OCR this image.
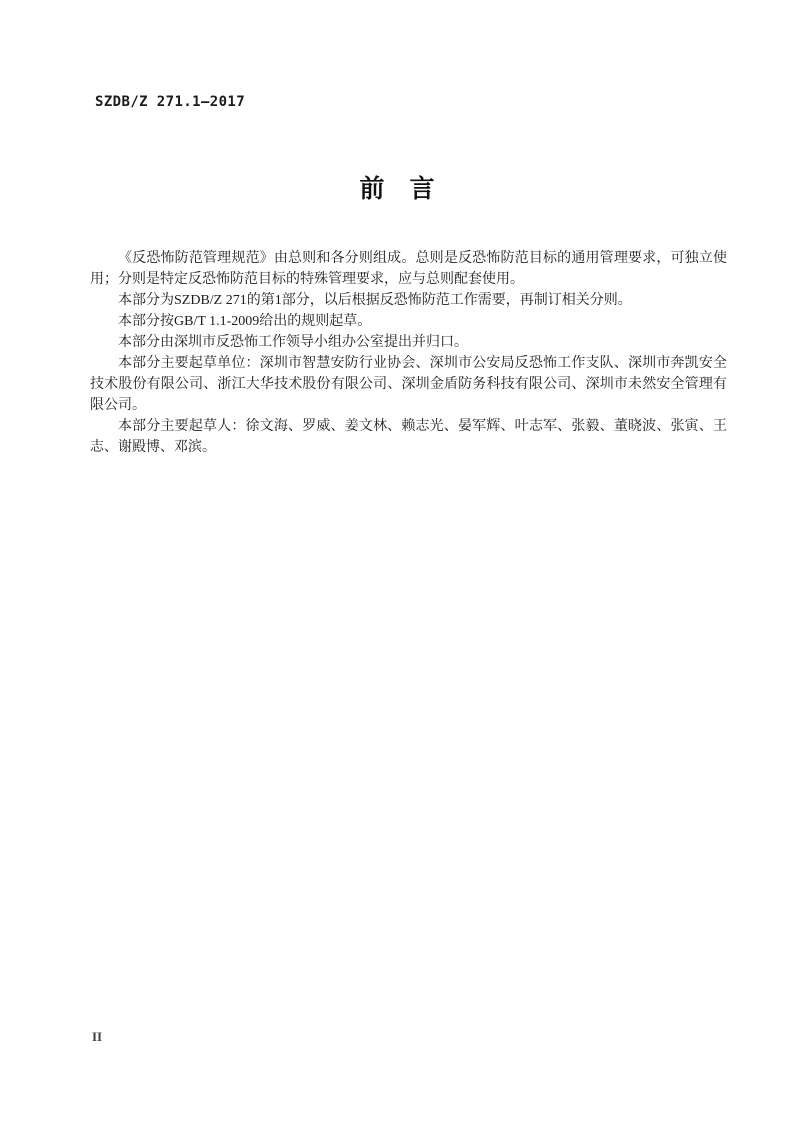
SZDB/Z 271.1—2017
前　言
《反恐怖防范管理规范》由总则和各分则组成。总则是反恐怖防范目标的通用管理要求，可独立使
用；分则是特定反恐怖防范目标的特殊管理要求，应与总则配套使用。
本部分为SZDB/Z 271的第1部分，以后根据反恐怖防范工作需要，再制订相关分则。
本部分按GB/T 1.1-2009给出的规则起草。
本部分由深圳市反恐怖工作领导小组办公室提出并归口。
本部分主要起草单位：深圳市智慧安防行业协会、深圳市公安局反恐怖工作支队、深圳市奔凯安全
技术股份有限公司、浙江大华技术股份有限公司、深圳金盾防务科技有限公司、深圳市未然安全管理有
限公司。
本部分主要起草人：徐文海、罗威、姜文林、赖志光、晏军辉、叶志军、张毅、董晓波、张寅、王
志、谢殿博、邓滨。
II
